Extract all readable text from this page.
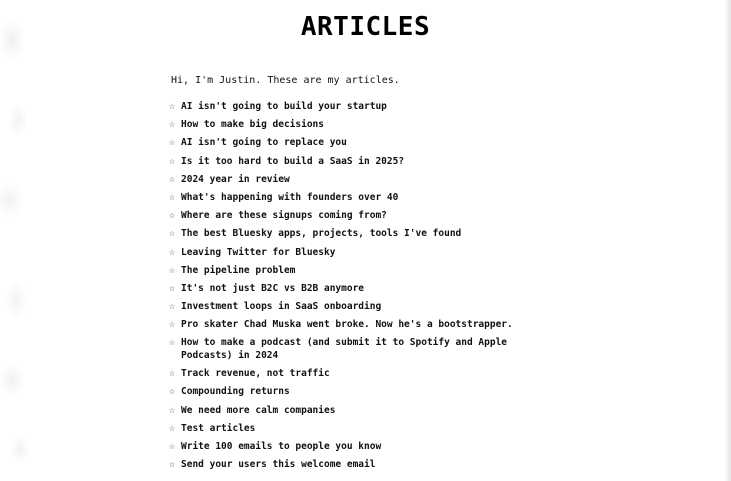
ARTICLES

Hi, I'm Justin. These are my articles.

☆ AI isn't going to build your startup
☆ How to make big decisions
☆ AI isn't going to replace you
☆ Is it too hard to build a SaaS in 2025?
☆ 2024 year in review
☆ What's happening with founders over 40
☆ Where are these signups coming from?
☆ The best Bluesky apps, projects, tools I've found
☆ Leaving Twitter for Bluesky
☆ The pipeline problem
☆ It's not just B2C vs B2B anymore
☆ Investment loops in SaaS onboarding
☆ Pro skater Chad Muska went broke. Now he's a bootstrapper.
☆ How to make a podcast (and submit it to Spotify and Apple Podcasts) in 2024
☆ Track revenue, not traffic
☆ Compounding returns
☆ We need more calm companies
☆ Test articles
☆ Write 100 emails to people you know
☆ Send your users this welcome email
